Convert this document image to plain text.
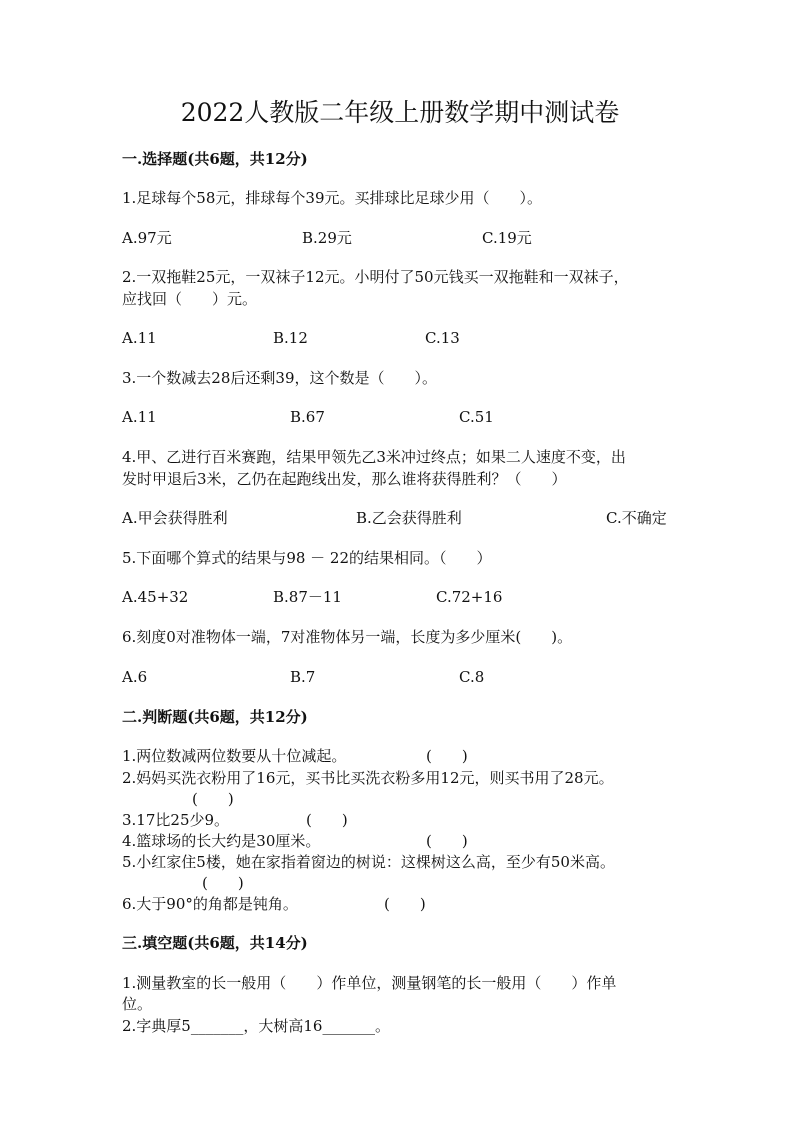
2022人教版二年级上册数学期中测试卷
一.选择题(共6题，共12分)
1.足球每个58元，排球每个39元。买排球比足球少用（　　）。
A.97元	B.29元	C.19元
2.一双拖鞋25元，一双袜子12元。小明付了50元钱买一双拖鞋和一双袜子，
应找回（　　）元。
A.11	B.12	C.13
3.一个数减去28后还剩39，这个数是（　　）。
A.11	B.67	C.51
4.甲、乙进行百米赛跑，结果甲领先乙3米冲过终点；如果二人速度不变，出
发时甲退后3米，乙仍在起跑线出发，那么谁将获得胜利？（　　）
A.甲会获得胜利	B.乙会获得胜利	C.不确定
5.下面哪个算式的结果与98 － 22的结果相同。（　　）
A.45+32	B.87－11	C.72+16
6.刻度0对准物体一端，7对准物体另一端，长度为多少厘米(　　)。
A.6	B.7	C.8
二.判断题(共6题，共12分)
1.两位数减两位数要从十位减起。	(　　)
2.妈妈买洗衣粉用了16元，买书比买洗衣粉多用12元，则买书用了28元。
(　　)
3.17比25少9。	(　　)
4.篮球场的长大约是30厘米。	(　　)
5.小红家住5楼，她在家指着窗边的树说：这棵树这么高，至少有50米高。
(　　)
6.大于90°的角都是钝角。	(　　)
三.填空题(共6题，共14分)
1.测量教室的长一般用（　　）作单位，测量钢笔的长一般用（　　）作单
位。
2.字典厚5_______，大树高16_______。
